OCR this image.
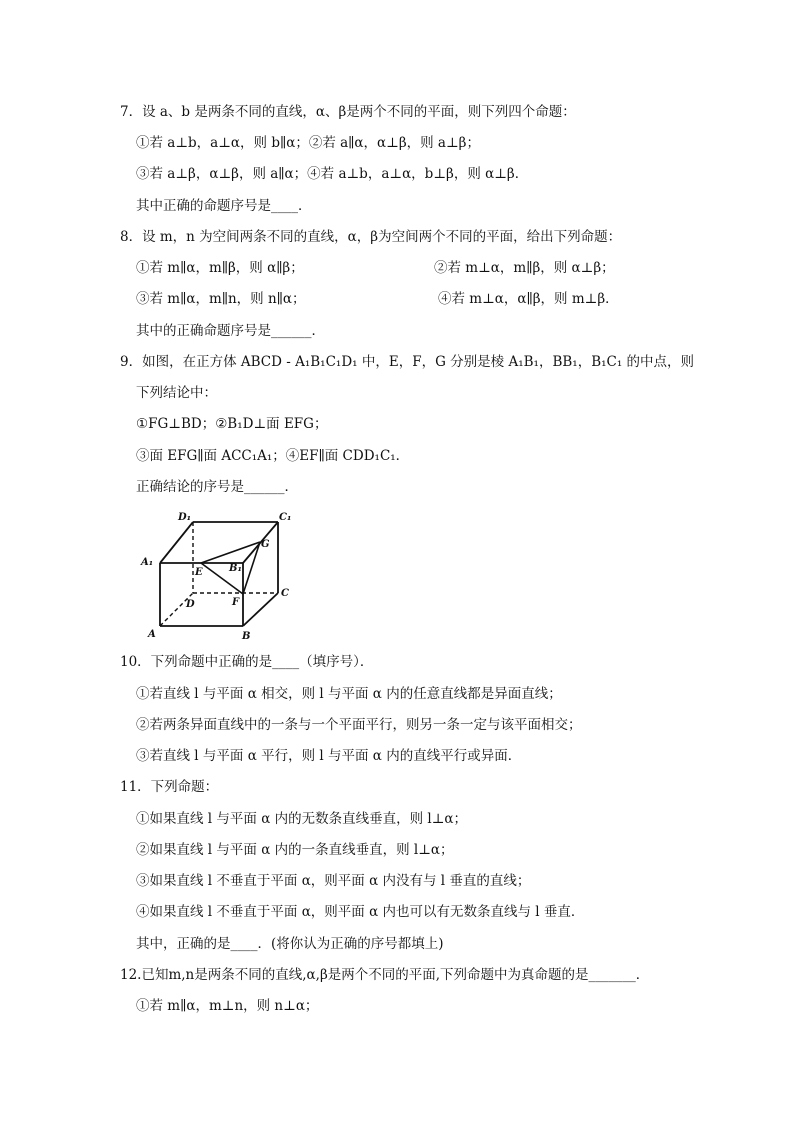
7．设 a、b 是两条不同的直线，α、β是两个不同的平面，则下列四个命题：
①若 a⊥b，a⊥α，则 b∥α；②若 a∥α，α⊥β，则 a⊥β；
③若 a⊥β，α⊥β，则 a∥α；④若 a⊥b，a⊥α，b⊥β，则 α⊥β．
其中正确的命题序号是____．
8．设 m，n 为空间两条不同的直线，α，β为空间两个不同的平面，给出下列命题：
①若 m∥α，m∥β，则 α∥β；	②若 m⊥α，m∥β，则 α⊥β；
③若 m∥α，m∥n，则 n∥α；	④若 m⊥α，α∥β，则 m⊥β．
其中的正确命题序号是______．
9．如图，在正方体 ABCD - A₁B₁C₁D₁ 中，E，F，G 分别是棱 A₁B₁，BB₁，B₁C₁ 的中点，则
下列结论中：
①FG⊥BD；②B₁D⊥面 EFG；
③面 EFG∥面 ACC₁A₁；④EF∥面 CDD₁C₁．
正确结论的序号是______．
D₁	C₁
A₁
E	B₁
G
D	F
C
A	B
10．下列命题中正确的是____（填序号）．
①若直线 l 与平面 α 相交，则 l 与平面 α 内的任意直线都是异面直线；
②若两条异面直线中的一条与一个平面平行，则另一条一定与该平面相交；
③若直线 l 与平面 α 平行，则 l 与平面 α 内的直线平行或异面．
11．下列命题：
①如果直线 l 与平面 α 内的无数条直线垂直，则 l⊥α；
②如果直线 l 与平面 α 内的一条直线垂直，则 l⊥α；
③如果直线 l 不垂直于平面 α，则平面 α 内没有与 l 垂直的直线；
④如果直线 l 不垂直于平面 α，则平面 α 内也可以有无数条直线与 l 垂直．
其中，正确的是____．(将你认为正确的序号都填上)
12.已知m,n是两条不同的直线,α,β是两个不同的平面,下列命题中为真命题的是_______．
①若 m∥α，m⊥n，则 n⊥α；
